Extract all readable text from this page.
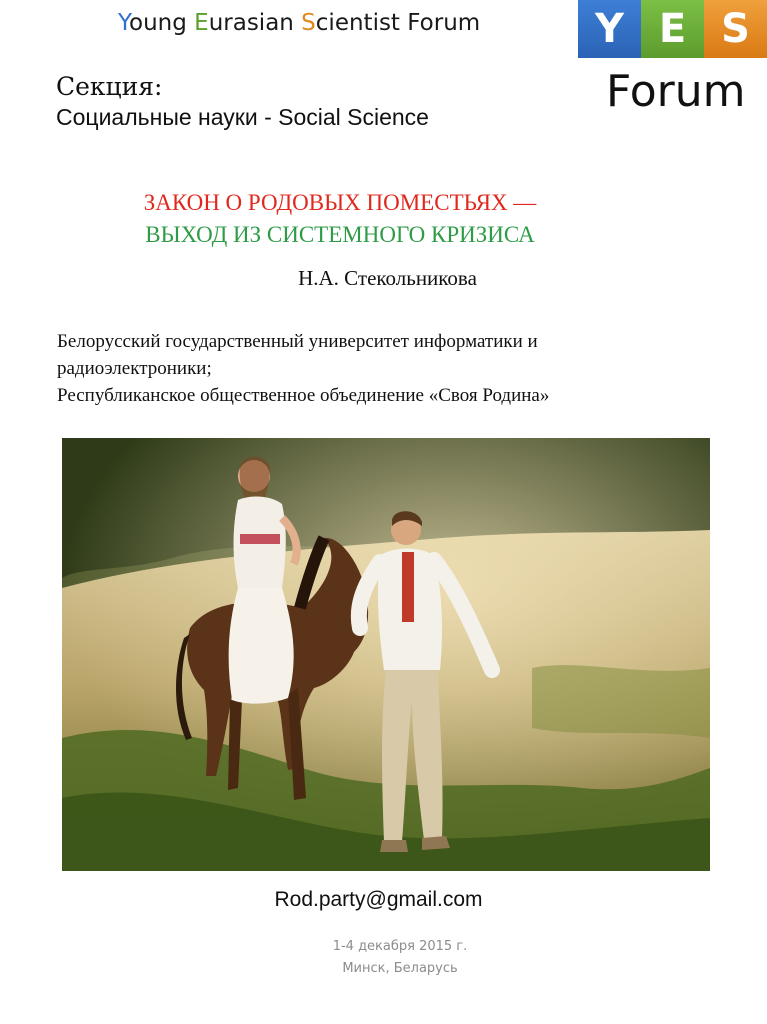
Young Eurasian Scientist Forum	Y E S
Forum
Секция:
Социальные науки - Social Science
ЗАКОН О РОДОВЫХ ПОМЕСТЬЯХ —
ВЫХОД ИЗ СИСТЕМНОГО КРИЗИСА
Н.А. Стекольникова
Белорусский государственный университет информатики и
радиоэлектроники;
Республиканское общественное объединение «Своя Родина»
Rod.party@gmail.com
1-4 декабря 2015 г.
Минск, Беларусь
